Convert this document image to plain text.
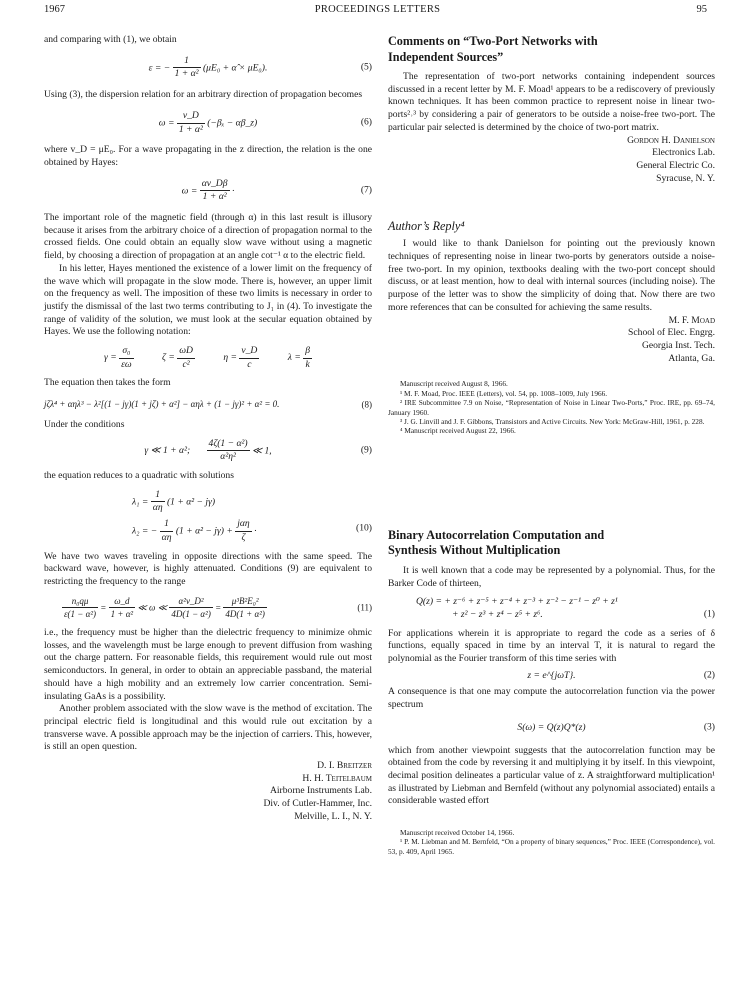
1967	PROCEEDINGS LETTERS	95

and comparing with (1), we obtain

ε = − $\frac{1}{\text{1 + α²}} (\mu E_0$ + α̂ × μE₀).	(5)

Using (3), the dispersion relation for an arbitrary direction of propagation becomes

$\omega = \frac{v\_D}{\text{1 + α²}} (-\beta_x$ − αβ_z)	(6)

where v_D = μE₀. For a wave propagating in the z direction, the relation is the one obtained by Hayes:

$\omega = \frac{\alpha v\_D\beta}{\text{1 + α²}}$ ·	(7)

The important role of the magnetic field (through α) in this last result is illusory because it arises from the arbitrary choice of a direction of propagation normal to the crossed fields. One could obtain an equally slow wave without using a magnetic field, by choosing a direction of propagation at an angle cot⁻¹ α to the electric field.

In his letter, Hayes mentioned the existence of a lower limit on the frequency of the wave which will propagate in the slow mode. There is, however, an upper limit on the frequency as well. The imposition of these two limits is necessary in order to justify the dismissal of the last two terms contributing to J₁ in (4). To investigate the range of validity of the solution, we must look at the secular equation obtained by Hayes. We use the following notation:

$\gamma = \frac{\text{σ₀}}{\varepsilon\omega}$	$\zeta = \frac{\omega D}{\text{c²}}$	$\eta = \frac{v\_D}{c}$	$\lambda = \frac{\beta}{k}$

The equation then takes the form

jζλ⁴ + αηλ³ − λ²[(1 − jγ)(1 + jζ) + α²] − αηλ + (1 − jγ)² + α² = 0.	(8)

Under the conditions

γ ≪ 1 + α²; $\frac{\text{4ζ(1 − α²)}}{\text{α²η²}}$ ≪ 1,	(9)

the equation reduces to a quadratic with solutions

$\lambda_1 = \frac{1}{\alpha\eta} (1 + \alpha^2 - j\gamma)$
λ₂ = − $\frac{1}{\alpha\eta} (1 + \alpha^2 - j\gamma) + \frac{\text{jαη}}{\zeta}$ ·	(10)

We have two waves traveling in opposite directions with the same speed. The backward wave, however, is highly attenuated. Conditions (9) are equivalent to restricting the frequency to the range

$\frac{\text{n₀qμ}}{\text{ε(1 − α²)}} = \frac{\omega\_d}{\text{1 + α²}}$ ≪ ω ≪ $\frac{\text{α²v\_D²}}{\text{4D(1 − α²)}} = \frac{\text{μ³B²E₀²}}{\text{4D(1 + α²)}}$	(11)

i.e., the frequency must be higher than the dielectric frequency to minimize ohmic losses, and the wavelength must be large enough to prevent diffusion from washing out the charge pattern. For reasonable fields, this requirement would rule out most semiconductors. In general, in order to obtain an appreciable passband, the material should have a high mobility and an extremely low carrier concentration. Semi-insulating GaAs is a possibility.

Another problem associated with the slow wave is the method of excitation. The principal electric field is longitudinal and this would rule out excitation by a transverse wave. A possible approach may be the injection of carriers. This, however, is still an open question.

D. I. Breitzer
H. H. Teitelbaum
Airborne Instruments Lab.
Div. of Cutler-Hammer, Inc.
Melville, L. I., N. Y.
Comments on “Two-Port Networks with Independent Sources”

The representation of two-port networks containing independent sources discussed in a recent letter by M. F. Moad¹ appears to be a rediscovery of previously known techniques. It has been common practice to represent noise in linear two-ports²˒³ by considering a pair of generators to be outside a noise-free two-port. The particular pair selected is determined by the choice of two-port matrix.

Gordon H. Danielson
Electronics Lab.
General Electric Co.
Syracuse, N. Y.
Author’s Reply⁴

I would like to thank Danielson for pointing out the previously known techniques of representing noise in linear two-ports by generators outside a noise-free two-port. In my opinion, textbooks dealing with the two-port concept should discuss, or at least mention, how to deal with internal sources (including noise). The purpose of the letter was to show the simplicity of doing that. Now there are two more references that can be consulted for achieving the same results.

M. F. Moad
School of Elec. Engrg.
Georgia Inst. Tech.
Atlanta, Ga.

Manuscript received August 8, 1966.

¹ M. F. Moad, Proc. IEEE (Letters), vol. 54, pp. 1008–1009, July 1966.

² IRE Subcommittee 7.9 on Noise, “Representation of Noise in Linear Two-Ports,” Proc. IRE, pp. 69–74, January 1960.

³ J. G. Linvill and J. F. Gibbons, Transistors and Active Circuits. New York: McGraw-Hill, 1961, p. 228.

⁴ Manuscript received August 22, 1966.

Binary Autocorrelation Computation and Synthesis Without Multiplication

It is well known that a code may be represented by a polynomial. Thus, for the Barker Code of thirteen,

Q(z) = + z⁻⁶ + z⁻⁵ + z⁻⁴ + z⁻³ + z⁻² − z⁻¹ − z⁰ + z¹
+ z² − z³ + z⁴ − z⁵ + z⁶.	(1)

For applications wherein it is appropriate to regard the code as a series of δ functions, equally spaced in time by an interval T, it is natural to regard the polynomial as the Fourier transform of this time series with

z = e^{jωT}.	(2)

A consequence is that one may compute the autocorrelation function via the power spectrum

S(ω) = Q(z)Q*(z)	(3)

which from another viewpoint suggests that the autocorrelation function may be obtained from the code by reversing it and multiplying it by itself. In this viewpoint, decimal position delineates a particular value of z. A straightforward multiplication¹ as illustrated by Liebman and Bernfeld (without any polynomial associated) entails a considerable wasted effort

Manuscript received October 14, 1966.

¹ P. M. Liebman and M. Bernfeld, “On a property of binary sequences,” Proc. IEEE (Correspondence), vol. 53, p. 409, April 1965.
